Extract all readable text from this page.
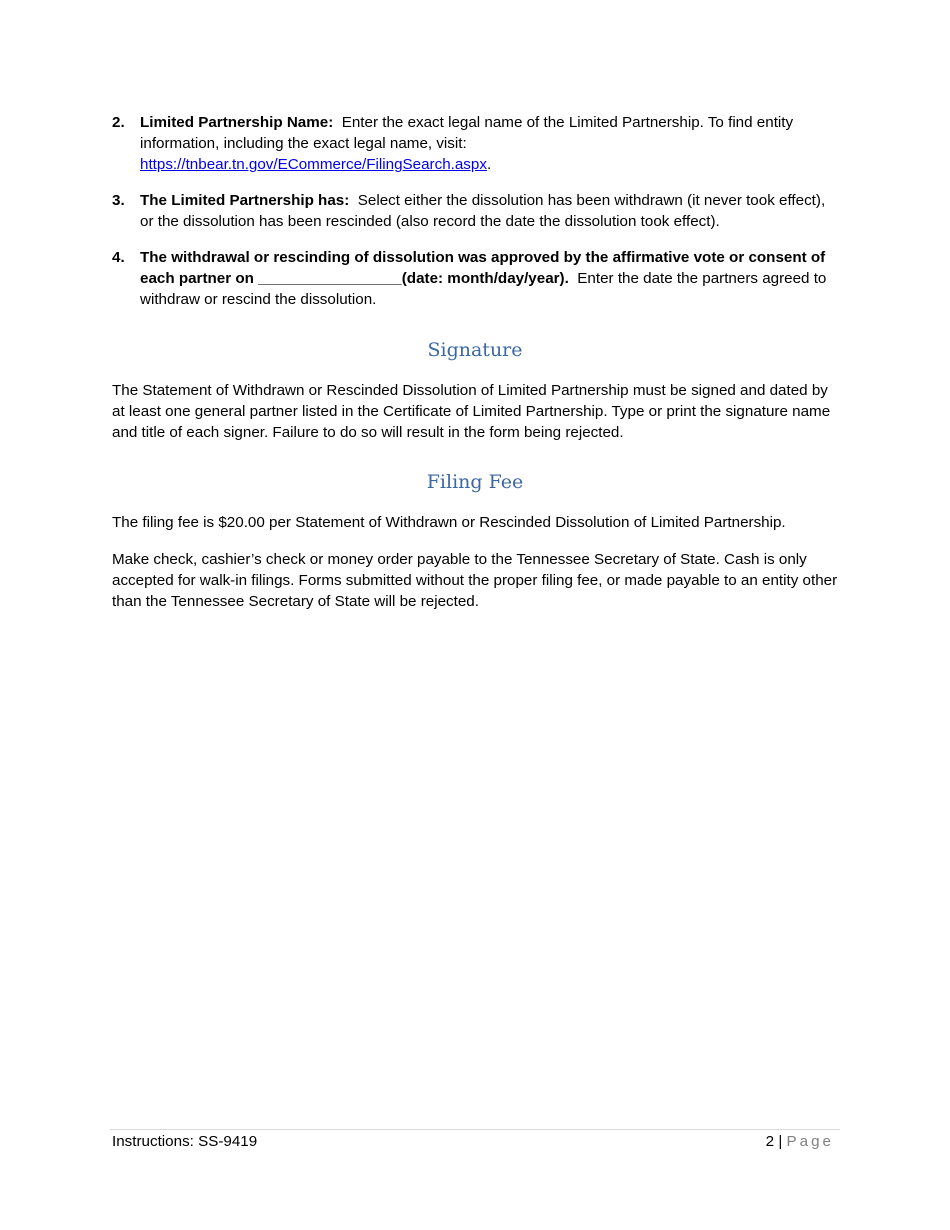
2. Limited Partnership Name: Enter the exact legal name of the Limited Partnership. To find entity information, including the exact legal name, visit:
https://tnbear.tn.gov/ECommerce/FilingSearch.aspx.
3. The Limited Partnership has: Select either the dissolution has been withdrawn (it never took effect), or the dissolution has been rescinded (also record the date the dissolution took effect).
4. The withdrawal or rescinding of dissolution was approved by the affirmative vote or consent of each partner on _________________(date: month/day/year). Enter the date the partners agreed to withdraw or rescind the dissolution.
Signature
The Statement of Withdrawn or Rescinded Dissolution of Limited Partnership must be signed and dated by at least one general partner listed in the Certificate of Limited Partnership. Type or print the signature name and title of each signer. Failure to do so will result in the form being rejected.
Filing Fee
The filing fee is $20.00 per Statement of Withdrawn or Rescinded Dissolution of Limited Partnership.
Make check, cashier’s check or money order payable to the Tennessee Secretary of State. Cash is only accepted for walk-in filings. Forms submitted without the proper filing fee, or made payable to an entity other than the Tennessee Secretary of State will be rejected.
Instructions: SS-9419	2 | Page
